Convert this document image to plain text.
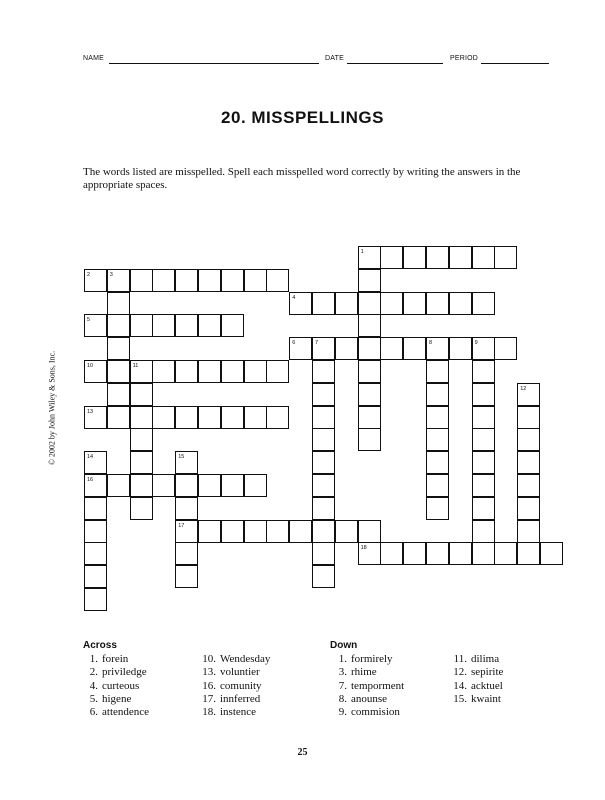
NAME	DATE	PERIOD
20. MISSPELLINGS
The words listed are misspelled. Spell each misspelled word correctly by writing the answers in the appropriate spaces.
© 2002 by John Wiley & Sons, Inc.
1
2
4
5
6
10
13
16
17
18
3
7	8	9
11
12
14	15
Across	Down
1. forein
2. priviledge
4. curteous
5. higene
6. attendence
10. Wendesday
13. voluntier
16. comunity
17. innferred
18. instence
1. formirely
3. rhime
7. temporment
8. anounse
9. commision
11. dilima
12. sepirite
14. acktuel
15. kwaint
25
